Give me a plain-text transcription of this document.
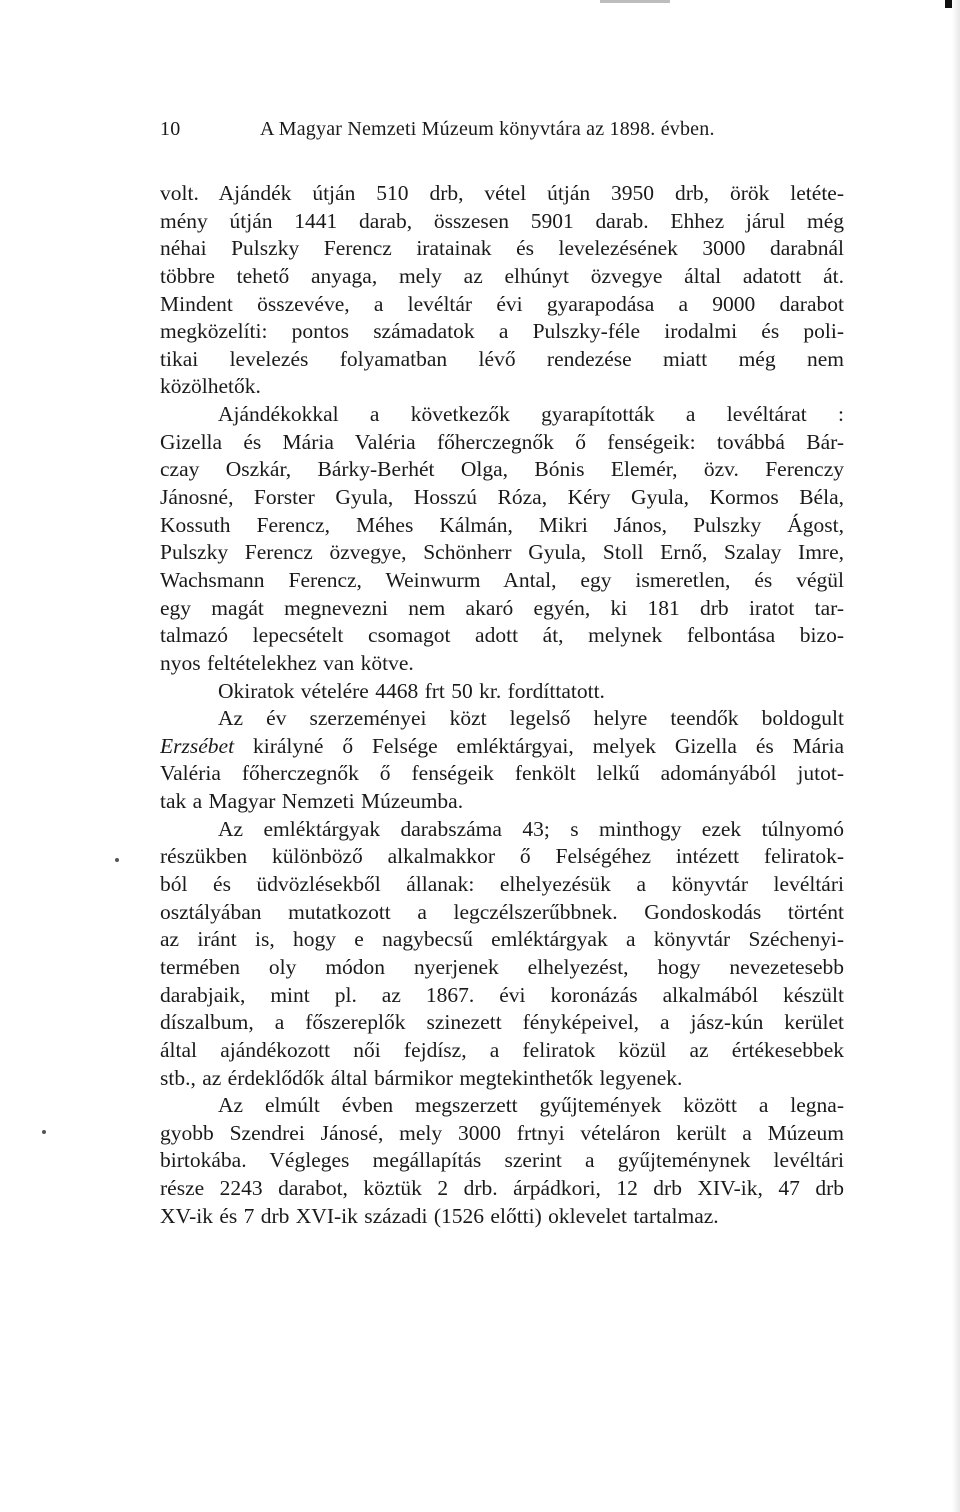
10	A Magyar Nemzeti Múzeum könyvtára az 1898. évben.
volt. Ajándék útján 510 drb, vétel útján 3950 drb, örök letéte-
mény útján 1441 darab, összesen 5901 darab. Ehhez járul még
néhai Pulszky Ferencz iratainak és levelezésének 3000 darabnál
többre tehető anyaga, mely az elhúnyt özvegye által adatott át.
Mindent összevéve, a levéltár évi gyarapodása a 9000 darabot
megközelíti: pontos számadatok a Pulszky-féle irodalmi és poli-
tikai levelezés folyamatban lévő rendezése miatt még nem
közölhetők.
Ajándékokkal a következők gyarapították a levéltárat :
Gizella és Mária Valéria főherczegnők ő fenségeik: továbbá Bár-
czay Oszkár, Bárky-Berhét Olga, Bónis Elemér, özv. Ferenczy
Jánosné, Forster Gyula, Hosszú Róza, Kéry Gyula, Kormos Béla,
Kossuth Ferencz, Méhes Kálmán, Mikri János, Pulszky Ágost,
Pulszky Ferencz özvegye, Schönherr Gyula, Stoll Ernő, Szalay Imre,
Wachsmann Ferencz, Weinwurm Antal, egy ismeretlen, és végül
egy magát megnevezni nem akaró egyén, ki 181 drb iratot tar-
talmazó lepecsételt csomagot adott át, melynek felbontása bizo-
nyos feltételekhez van kötve.
Okiratok vételére 4468 frt 50 kr. fordíttatott.
Az év szerzeményei közt legelső helyre teendők boldogult
Erzsébet királyné ő Felsége emléktárgyai, melyek Gizella és Mária
Valéria főherczegnők ő fenségeik fenkölt lelkű adományából jutot-
tak a Magyar Nemzeti Múzeumba.
Az emléktárgyak darabszáma 43; s minthogy ezek túlnyomó
részükben különböző alkalmakkor ő Felségéhez intézett feliratok-
ból és üdvözlésekből állanak: elhelyezésük a könyvtár levéltári
osztályában mutatkozott a legczélszerűbbnek. Gondoskodás történt
az iránt is, hogy e nagybecsű emléktárgyak a könyvtár Széchenyi-
termében oly módon nyerjenek elhelyezést, hogy nevezetesebb
darabjaik, mint pl. az 1867. évi koronázás alkalmából készült
díszalbum, a főszereplők szinezett fényképeivel, a jász-kún kerület
által ajándékozott női fejdísz, a feliratok közül az értékesebbek
stb., az érdeklődők által bármikor megtekinthetők legyenek.
Az elmúlt évben megszerzett gyűjtemények között a legna-
gyobb Szendrei Jánosé, mely 3000 frtnyi vételáron került a Múzeum
birtokába. Végleges megállapítás szerint a gyűjteménynek levéltári
része 2243 darabot, köztük 2 drb. árpádkori, 12 drb XIV-ik, 47 drb
XV-ik és 7 drb XVI-ik századi (1526 előtti) oklevelet tartalmaz.
